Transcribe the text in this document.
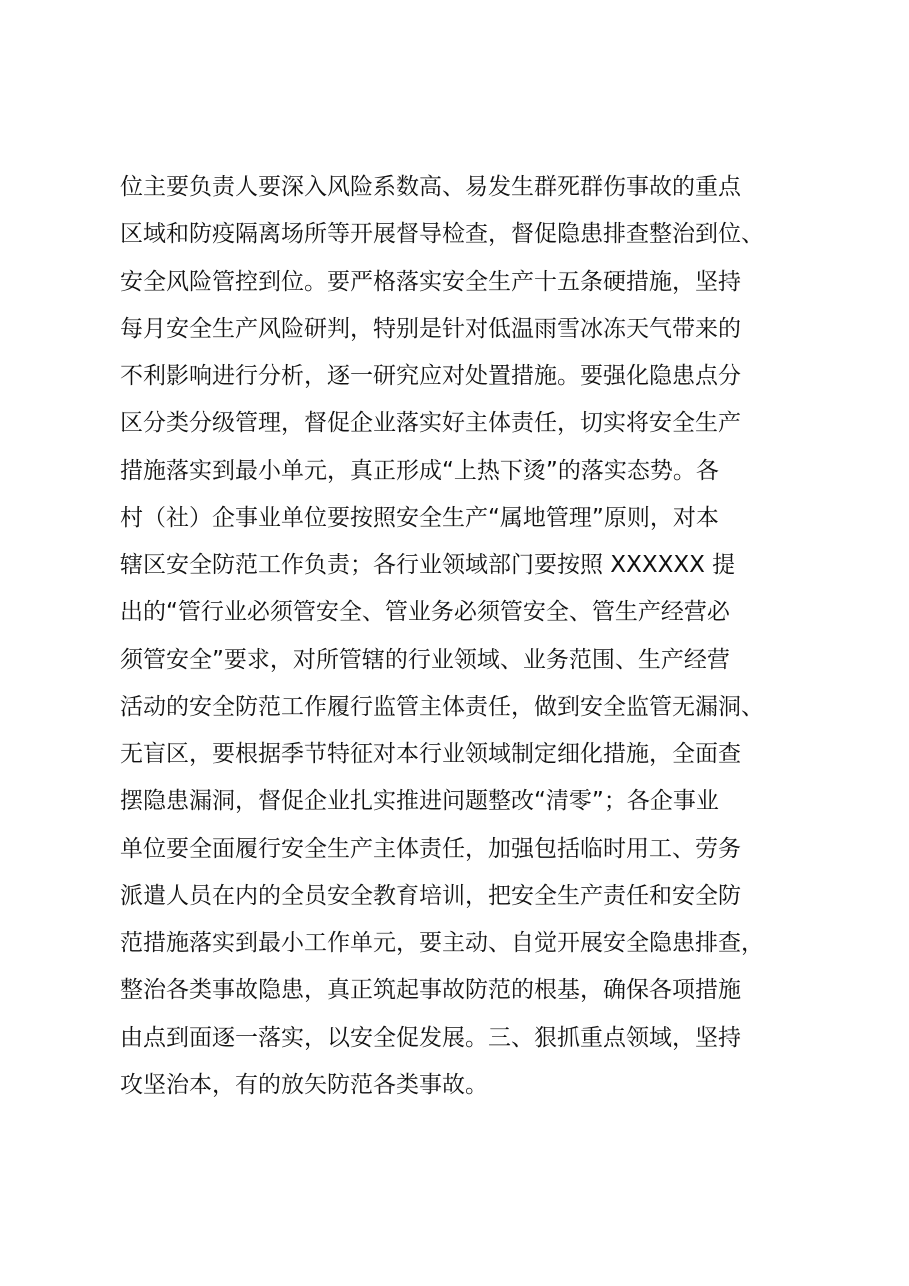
位主要负责人要深入风险系数高、易发生群死群伤事故的重点
区域和防疫隔离场所等开展督导检查，督促隐患排查整治到位、
安全风险管控到位。要严格落实安全生产十五条硬措施，坚持
每月安全生产风险研判，特别是针对低温雨雪冰冻天气带来的
不利影响进行分析，逐一研究应对处置措施。要强化隐患点分
区分类分级管理，督促企业落实好主体责任，切实将安全生产
措施落实到最小单元，真正形成“上热下烫”的落实态势。各
村（社）企事业单位要按照安全生产“属地管理”原则，对本
辖区安全防范工作负责；各行业领域部门要按照 XXXXXX 提
出的“管行业必须管安全、管业务必须管安全、管生产经营必
须管安全”要求，对所管辖的行业领域、业务范围、生产经营
活动的安全防范工作履行监管主体责任，做到安全监管无漏洞、
无盲区，要根据季节特征对本行业领域制定细化措施，全面查
摆隐患漏洞，督促企业扎实推进问题整改“清零”；各企事业
单位要全面履行安全生产主体责任，加强包括临时用工、劳务
派遣人员在内的全员安全教育培训，把安全生产责任和安全防
范措施落实到最小工作单元，要主动、自觉开展安全隐患排查，
整治各类事故隐患，真正筑起事故防范的根基，确保各项措施
由点到面逐一落实，以安全促发展。三、狠抓重点领域，坚持
攻坚治本，有的放矢防范各类事故。
